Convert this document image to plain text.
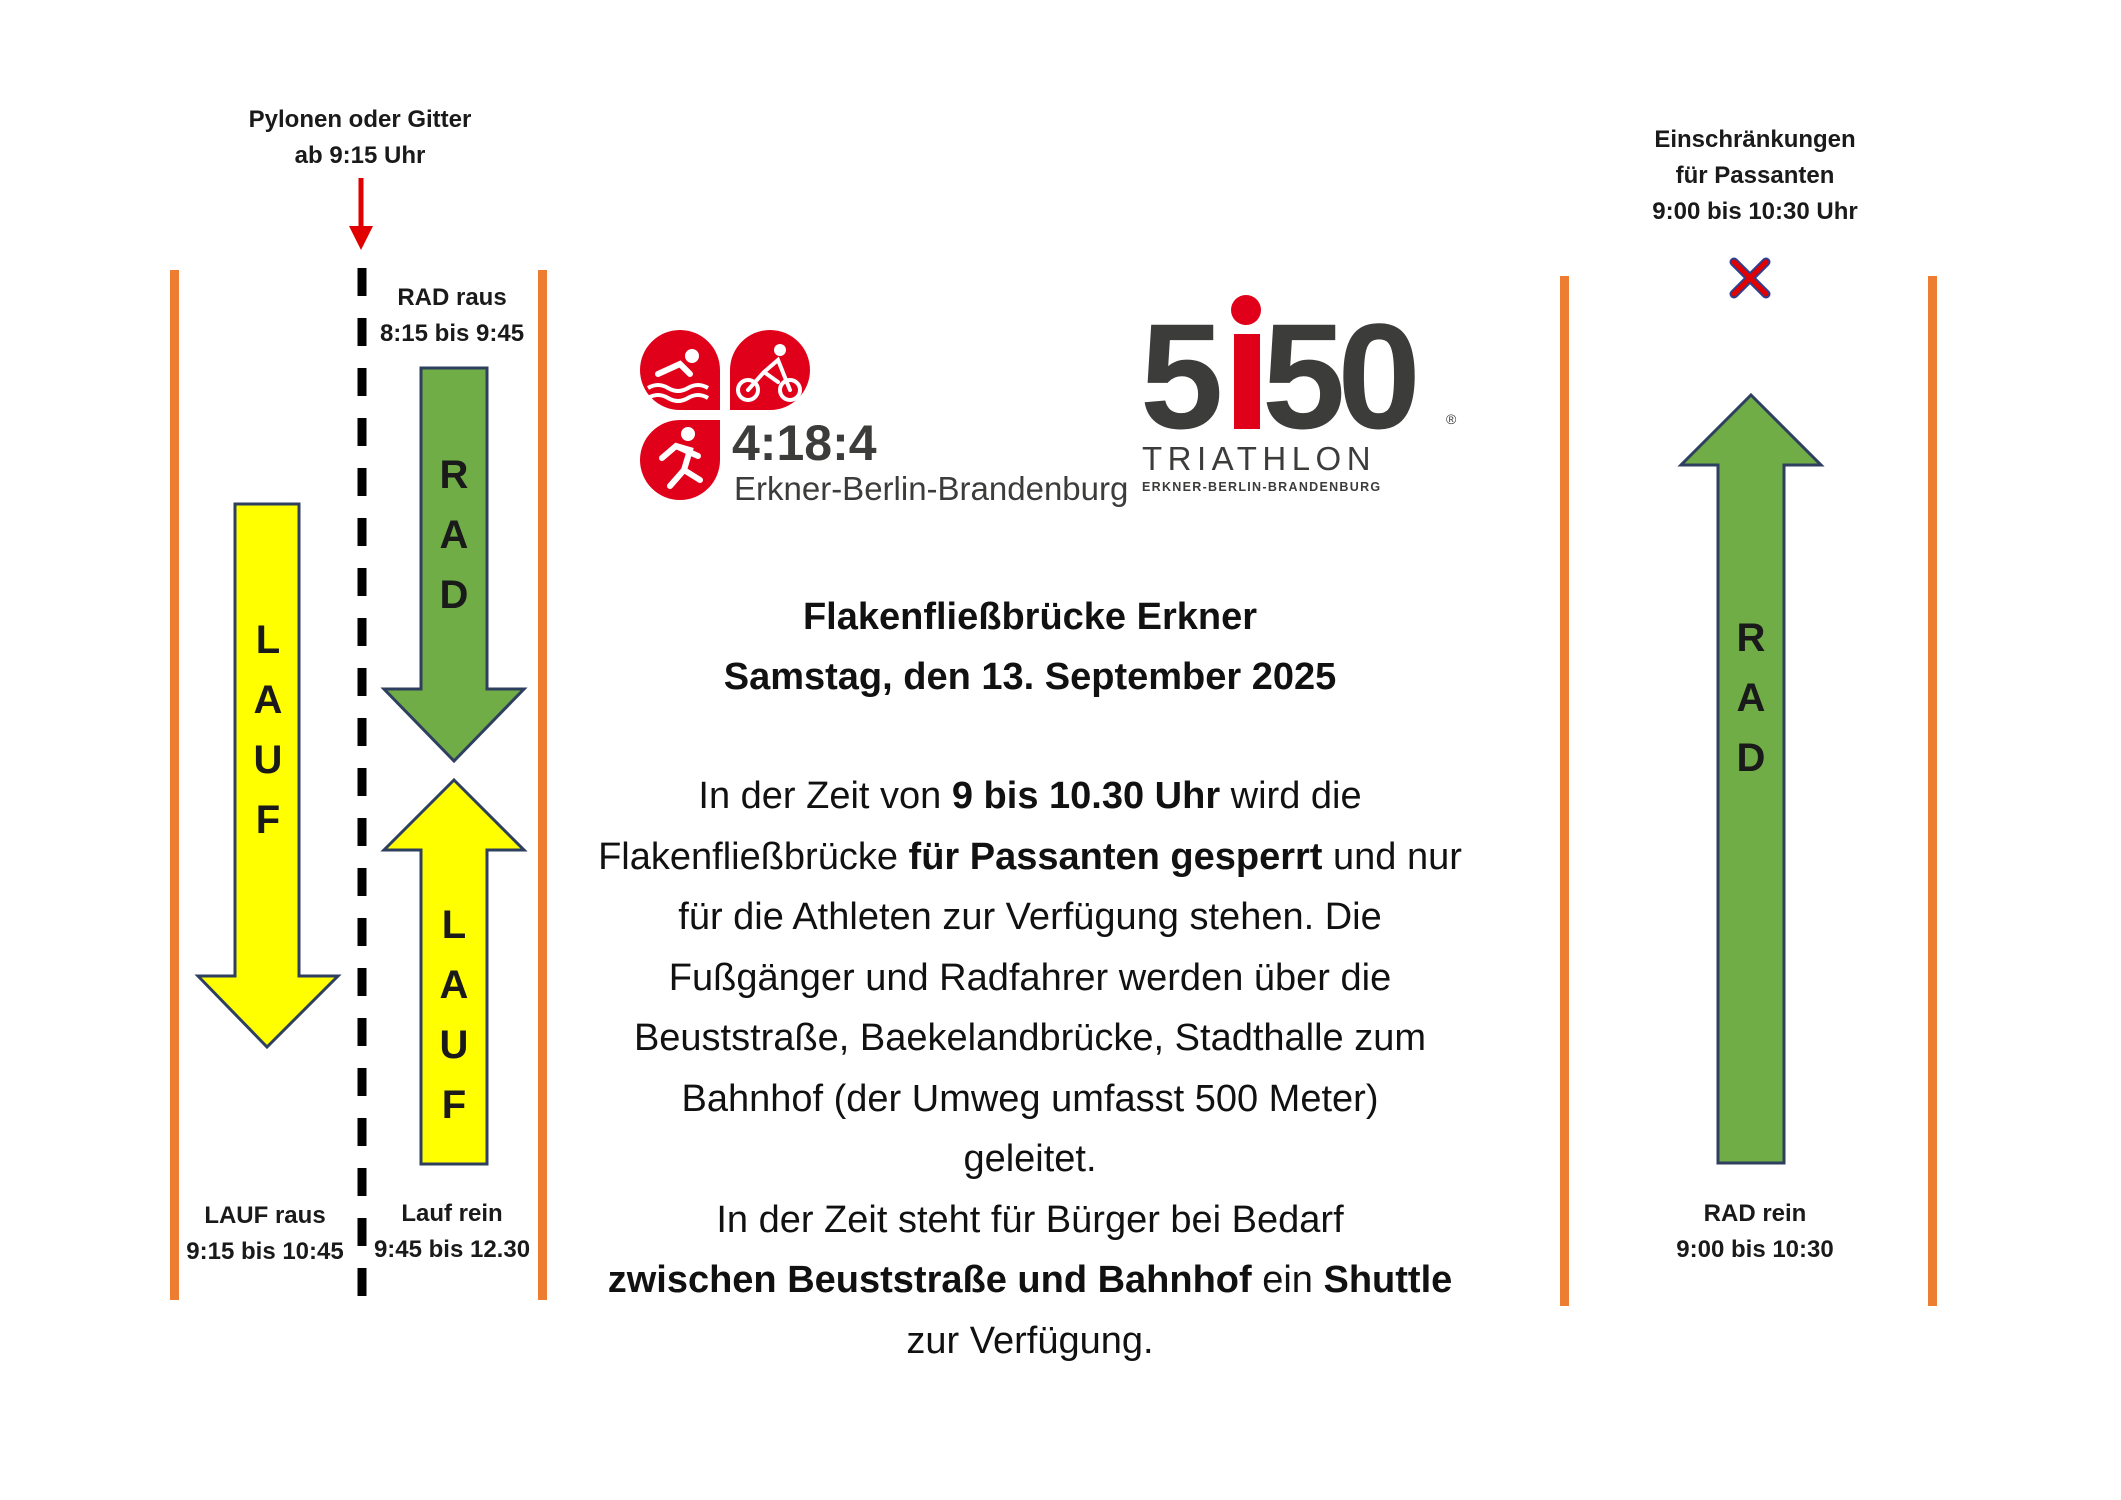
Pylonen oder Gitter
ab 9:15 Uhr
RAD raus
8:15 bis 9:45
L
A
U
F
R
A
D
L
A
U
F
LAUF raus
9:15 bis 10:45
Lauf rein
9:45 bis 12.30
4:18:4
Erkner-Berlin-Brandenburg
5 50 ®
TRIATHLON
ERKNER-BERLIN-BRANDENBURG
Flakenfließbrücke Erkner
Samstag, den 13. September 2025
In der Zeit von 9 bis 10.30 Uhr wird die
Flakenfließbrücke für Passanten gesperrt und nur
für die Athleten zur Verfügung stehen. Die
Fußgänger und Radfahrer werden über die
Beuststraße, Baekelandbrücke, Stadthalle zum
Bahnhof (der Umweg umfasst 500 Meter)
geleitet.
In der Zeit steht für Bürger bei Bedarf
zwischen Beuststraße und Bahnhof ein Shuttle
zur Verfügung.
Einschränkungen
für Passanten
9:00 bis 10:30 Uhr
R
A
D
RAD rein
9:00 bis 10:30
